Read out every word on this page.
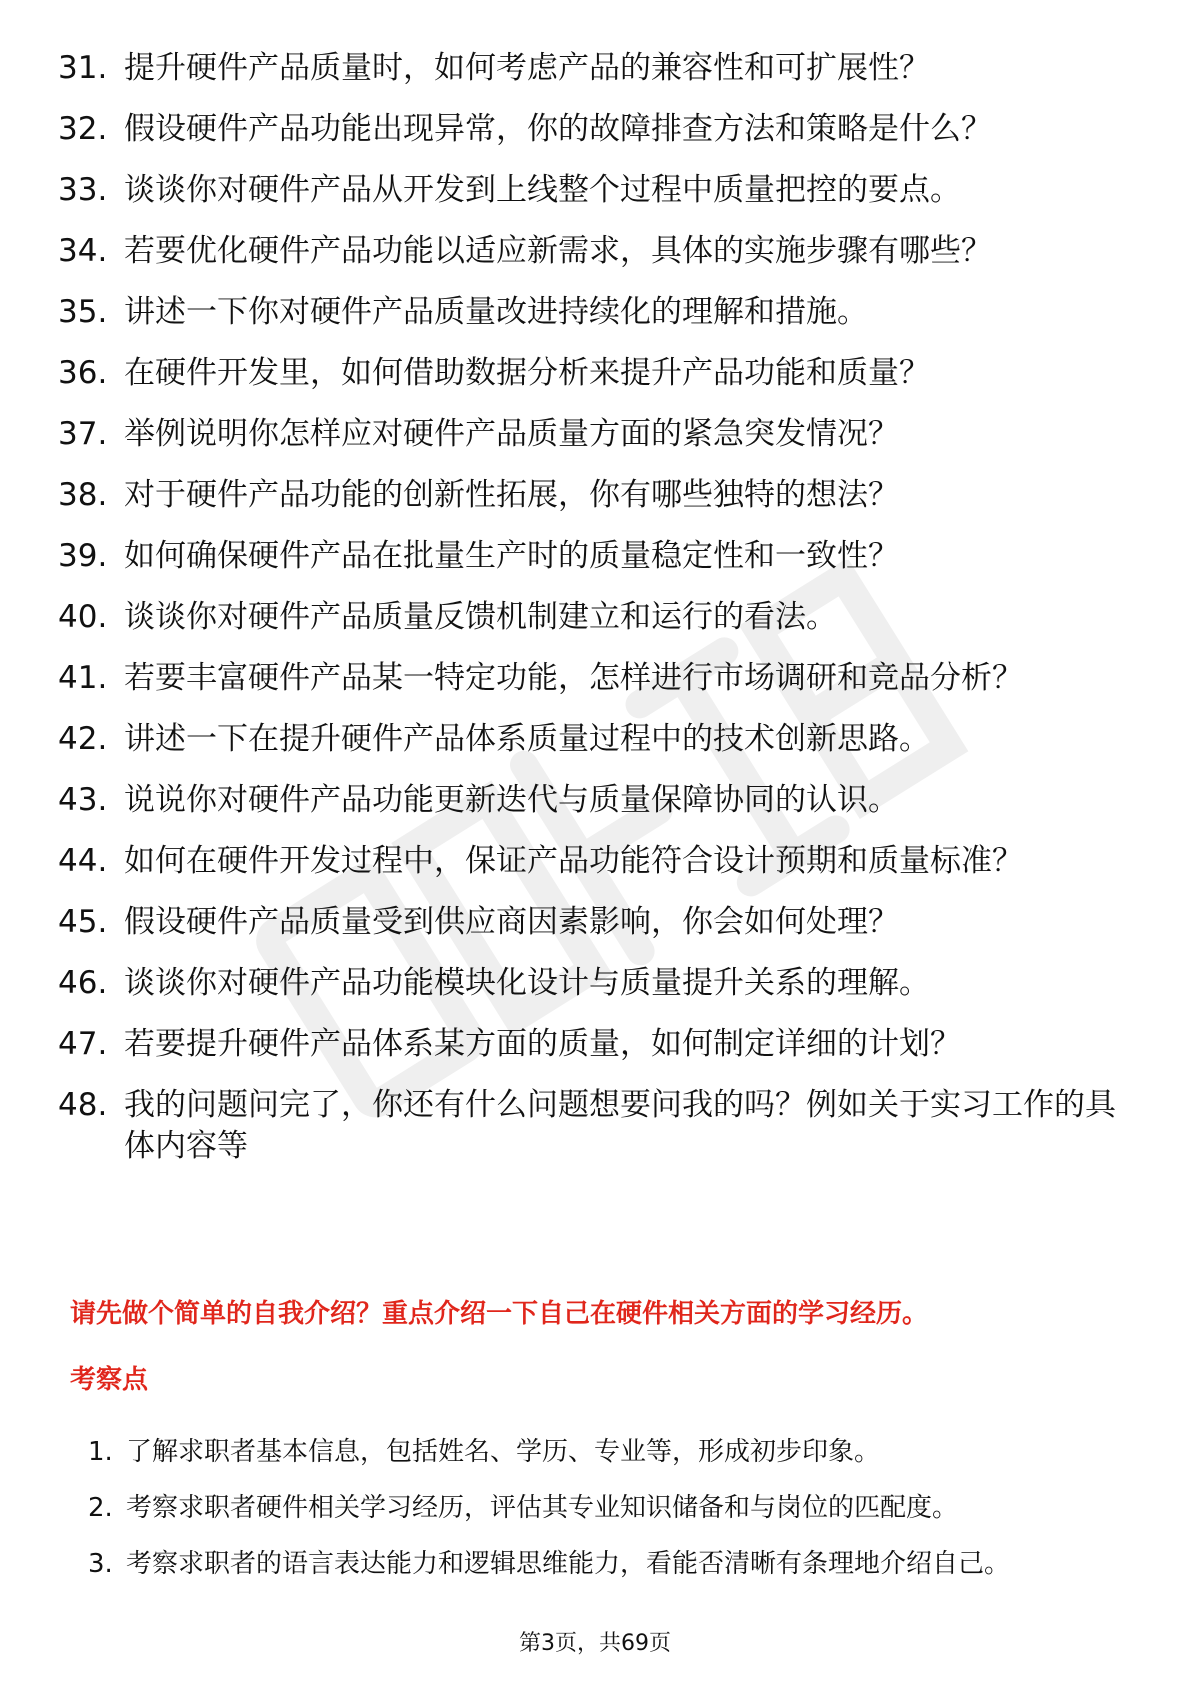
31. 提升硬件产品质量时，如何考虑产品的兼容性和可扩展性？
32. 假设硬件产品功能出现异常，你的故障排查方法和策略是什么？
33. 谈谈你对硬件产品从开发到上线整个过程中质量把控的要点。
34. 若要优化硬件产品功能以适应新需求，具体的实施步骤有哪些？
35. 讲述一下你对硬件产品质量改进持续化的理解和措施。
36. 在硬件开发里，如何借助数据分析来提升产品功能和质量？
37. 举例说明你怎样应对硬件产品质量方面的紧急突发情况？
38. 对于硬件产品功能的创新性拓展，你有哪些独特的想法？
39. 如何确保硬件产品在批量生产时的质量稳定性和一致性？
40. 谈谈你对硬件产品质量反馈机制建立和运行的看法。
41. 若要丰富硬件产品某一特定功能，怎样进行市场调研和竞品分析？
42. 讲述一下在提升硬件产品体系质量过程中的技术创新思路。
43. 说说你对硬件产品功能更新迭代与质量保障协同的认识。
44. 如何在硬件开发过程中，保证产品功能符合设计预期和质量标准？
45. 假设硬件产品质量受到供应商因素影响，你会如何处理？
46. 谈谈你对硬件产品功能模块化设计与质量提升关系的理解。
47. 若要提升硬件产品体系某方面的质量，如何制定详细的计划？
48. 我的问题问完了，你还有什么问题想要问我的吗？例如关于实习工作的具体内容等
请先做个简单的自我介绍？重点介绍一下自己在硬件相关方面的学习经历。
考察点
1. 了解求职者基本信息，包括姓名、学历、专业等，形成初步印象。
2. 考察求职者硬件相关学习经历，评估其专业知识储备和与岗位的匹配度。
3. 考察求职者的语言表达能力和逻辑思维能力，看能否清晰有条理地介绍自己。
第3页，共69页
